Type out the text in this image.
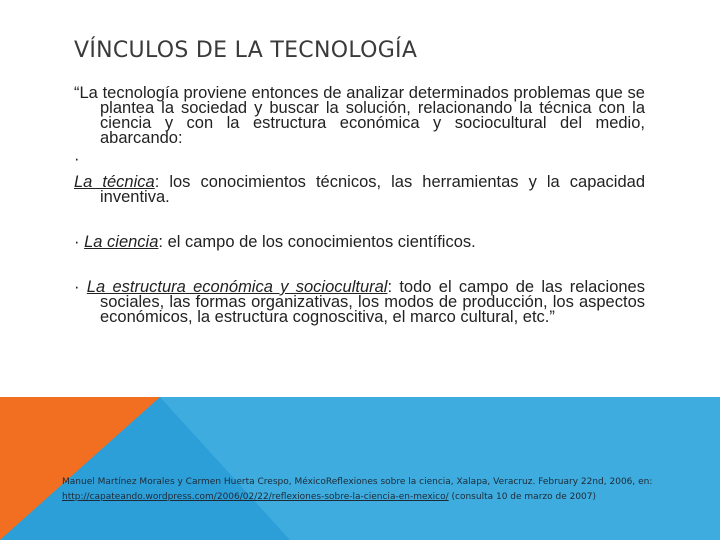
VÍNCULOS DE LA TECNOLOGÍA

“La tecnología proviene entonces de analizar determinados problemas que se plantea la sociedad y buscar la solución, relacionando la técnica con la ciencia y con la estructura económica y sociocultural del medio, abarcando:

·

La técnica: los conocimientos técnicos, las herramientas y la capacidad inventiva.

· La ciencia: el campo de los conocimientos científicos.

· La estructura económica y sociocultural: todo el campo de las relaciones sociales, las formas organizativas, los modos de producción, los aspectos económicos, la estructura cognoscitiva, el marco cultural, etc.”

Manuel Martínez Morales y Carmen Huerta Crespo, MéxicoReflexiones sobre la ciencia, Xalapa, Veracruz. February 22nd, 2006, en: http://capateando.wordpress.com/2006/02/22/reflexiones-sobre-la-ciencia-en-mexico/ (consulta 10 de marzo de 2007)
